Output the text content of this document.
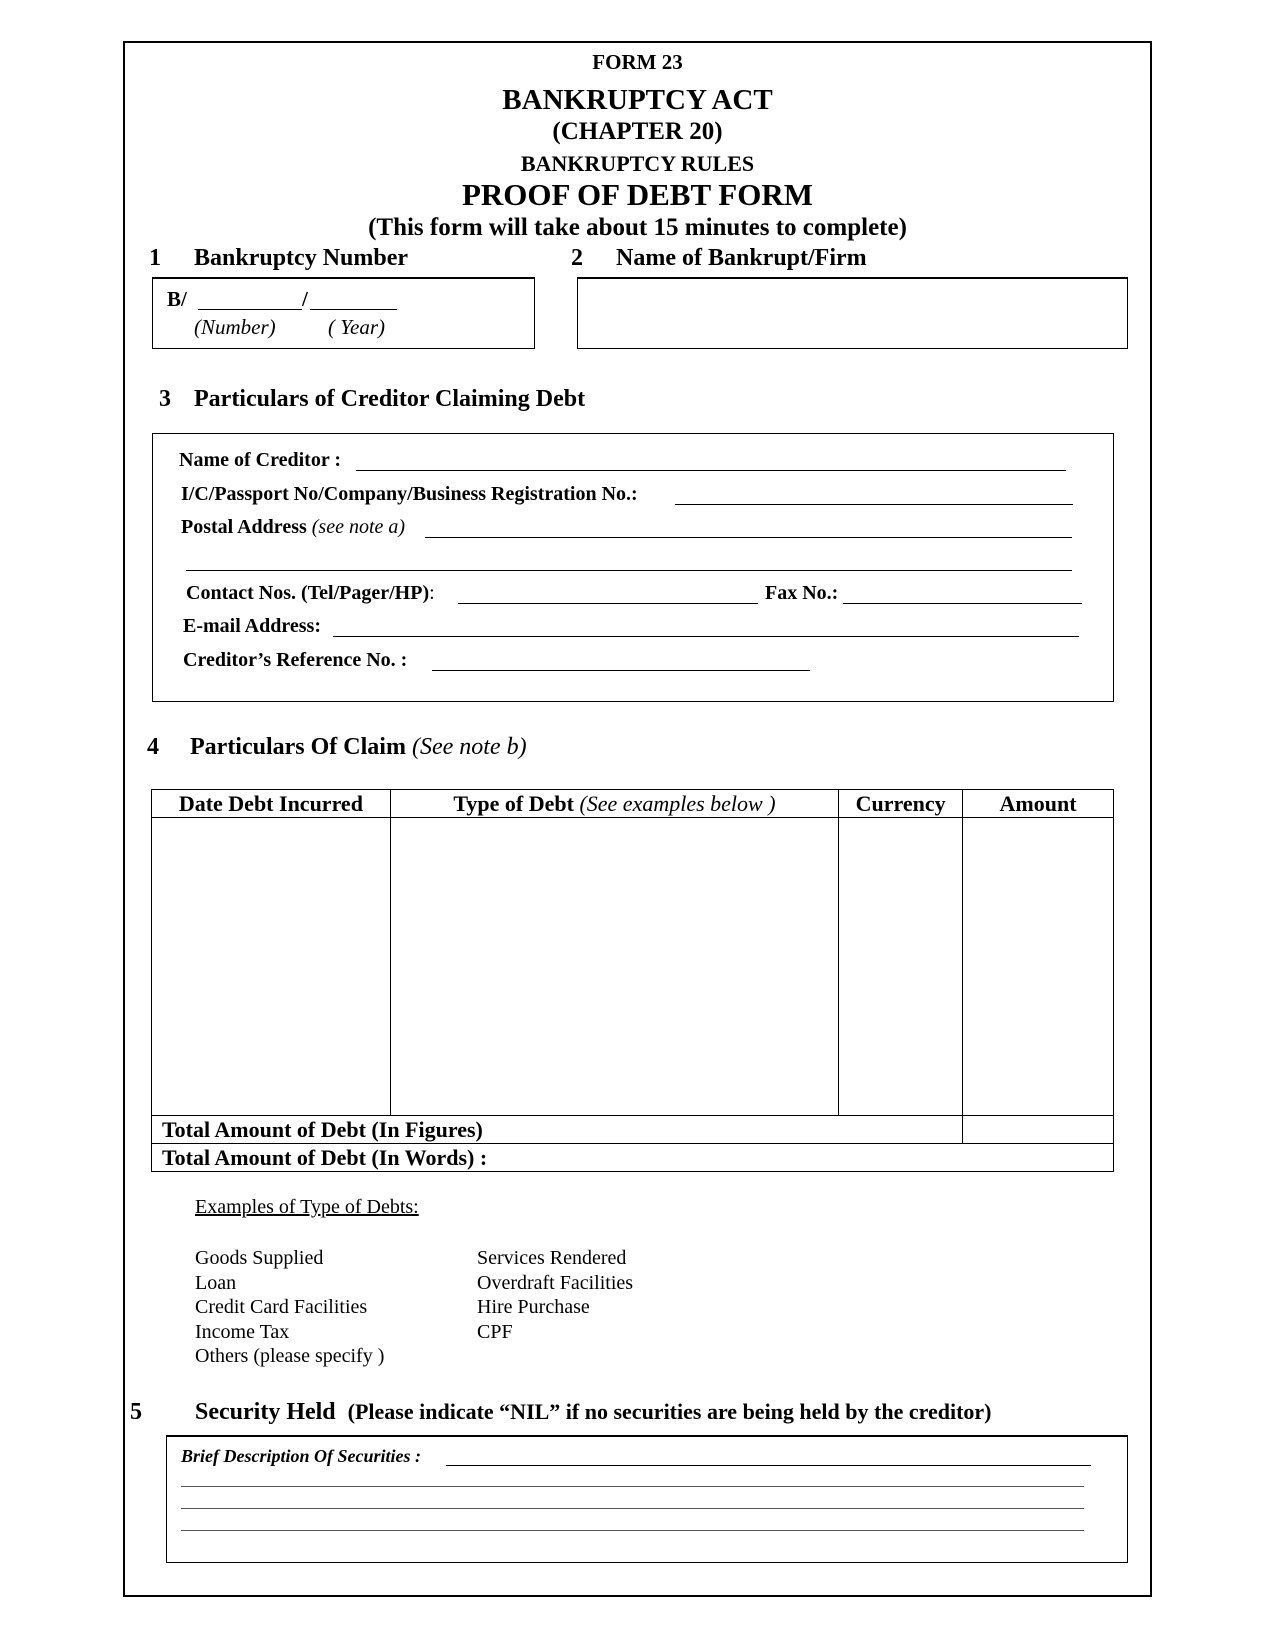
FORM 23
BANKRUPTCY ACT
(CHAPTER 20)
BANKRUPTCY RULES
PROOF OF DEBT FORM
(This form will take about 15 minutes to complete)
1 Bankruptcy Number	2 Name of Bankrupt/Firm
B/	/
(Number) ( Year)
3 Particulars of Creditor Claiming Debt
Name of Creditor :
I/C/Passport No/Company/Business Registration No.:
Postal Address (see note a)
Contact Nos. (Tel/Pager/HP):	Fax No.:
E-mail Address:
Creditor’s Reference No. :
4 Particulars Of Claim (See note b)
Date Debt Incurred	Type of Debt (See examples below )	Currency	Amount

Total Amount of Debt (In Figures)			
Total Amount of Debt (In Words) :			
Examples of Type of Debts:
Goods Supplied
Loan
Credit Card Facilities
Income Tax
Others (please specify )
Services Rendered
Overdraft Facilities
Hire Purchase
CPF
5 Security Held (Please indicate “NIL” if no securities are being held by the creditor)
Brief Description Of Securities :
